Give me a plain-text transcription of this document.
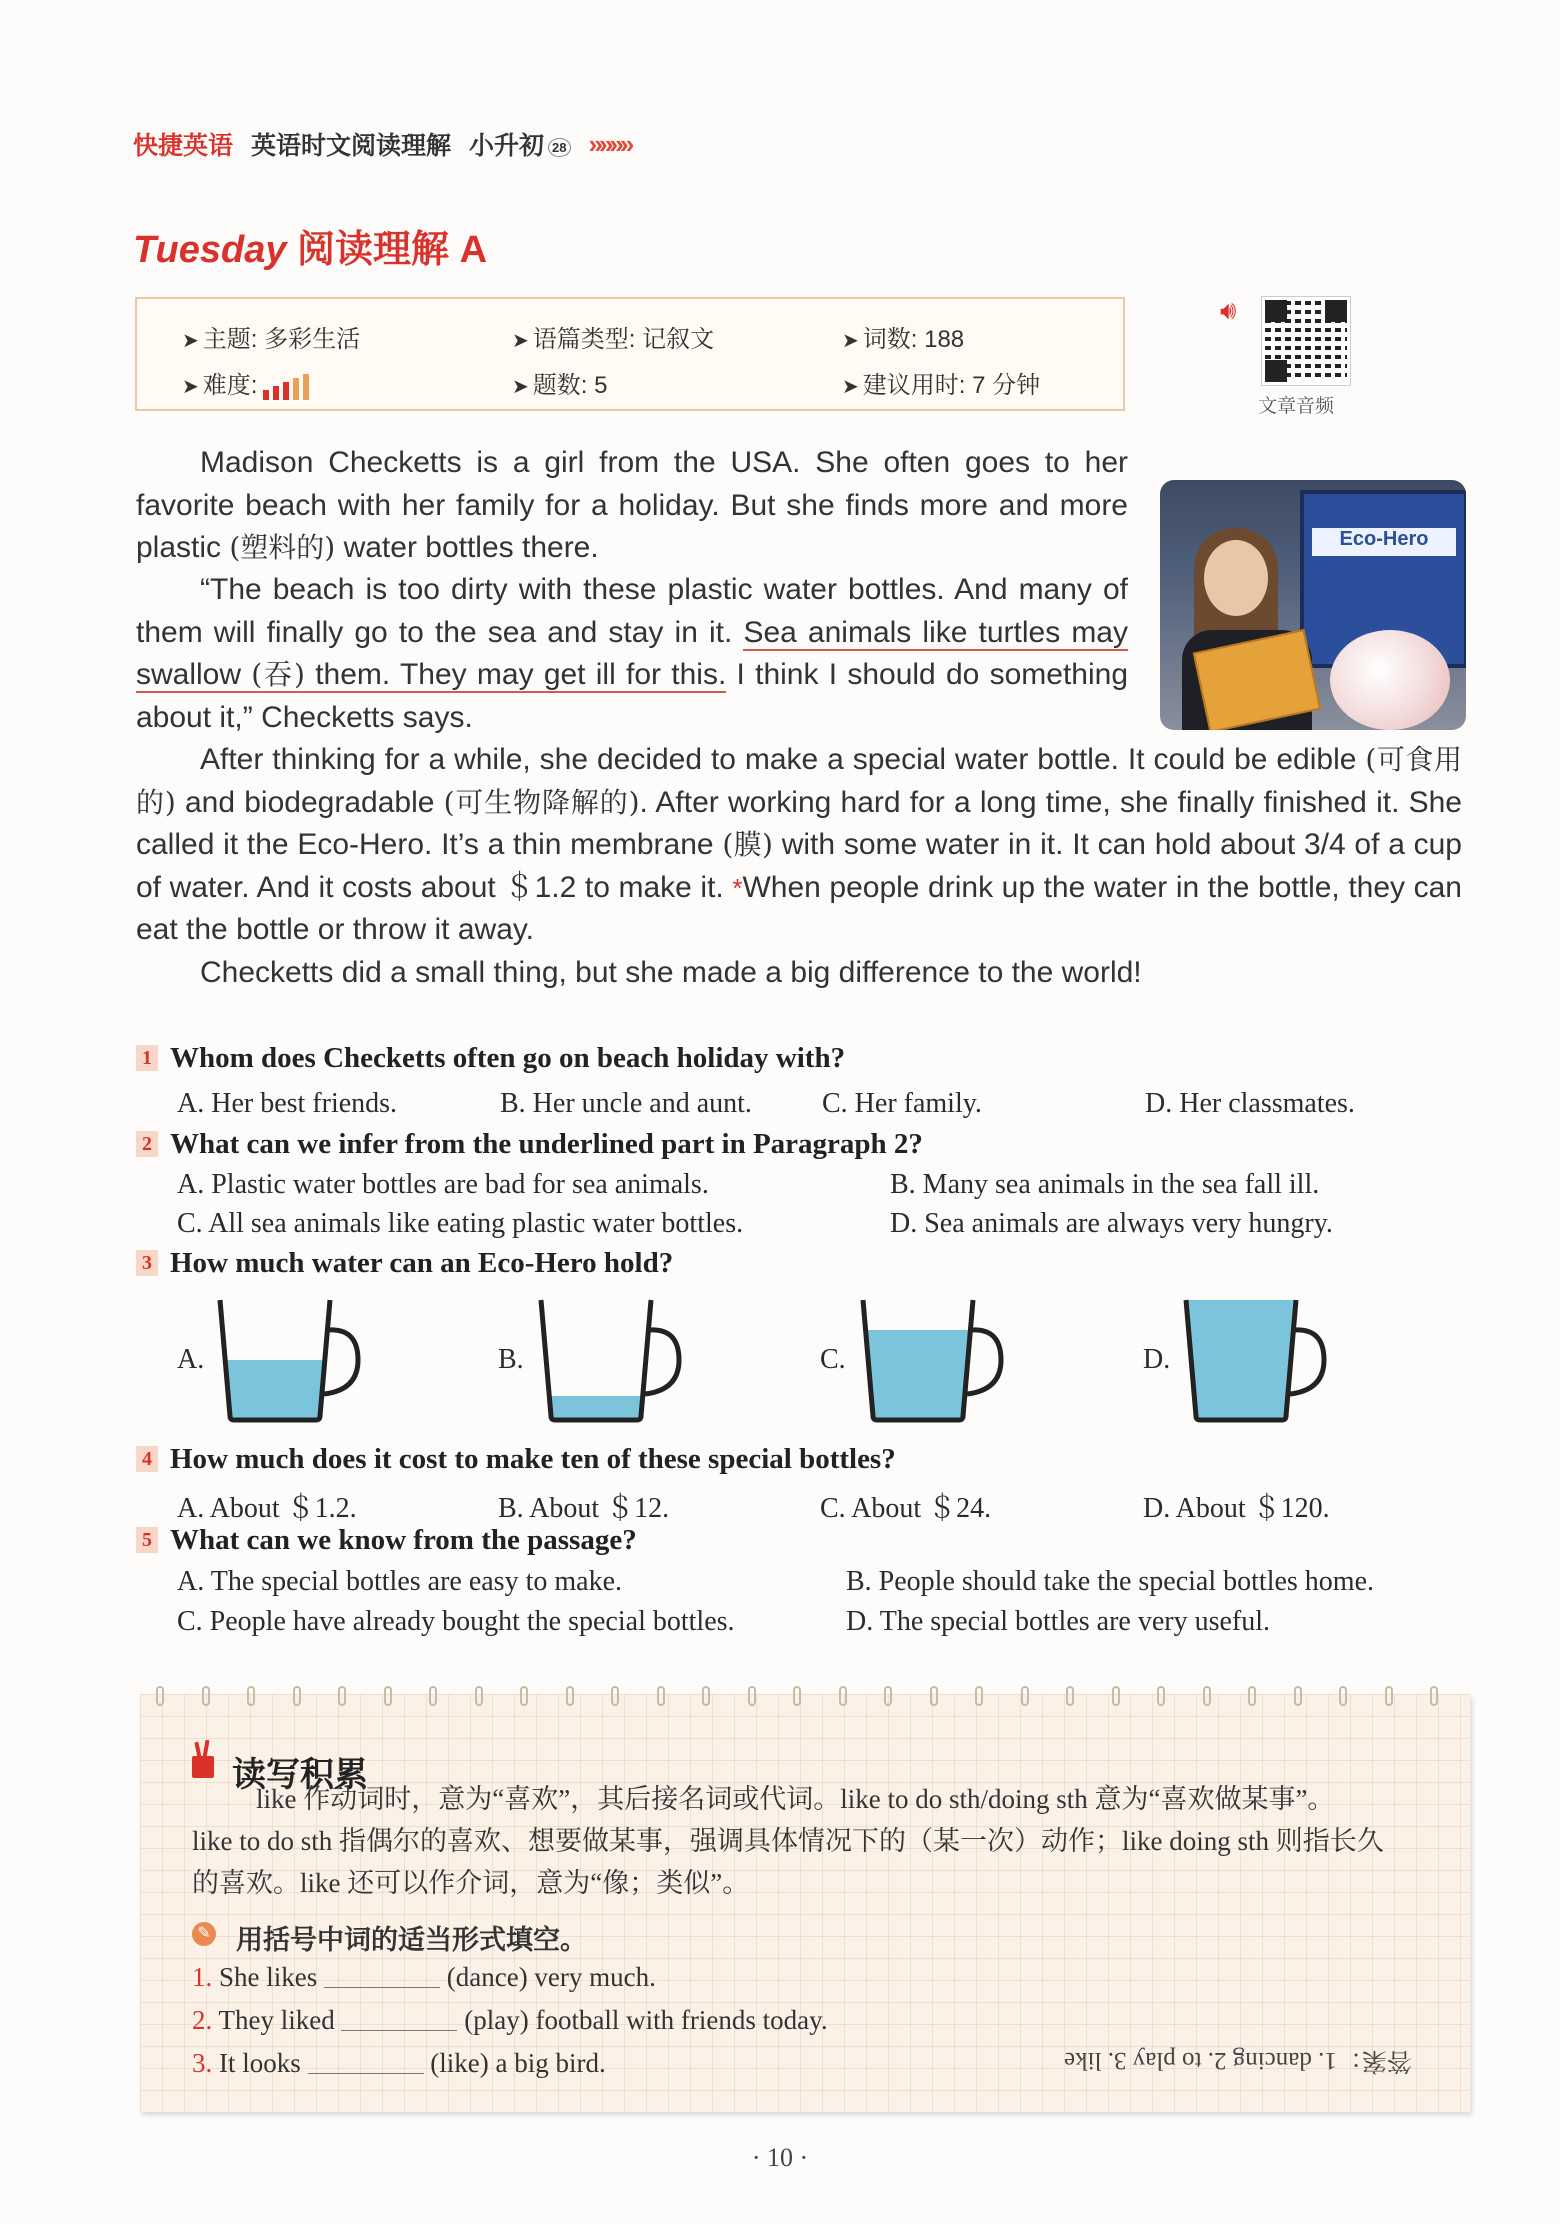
快捷英语 英语时文阅读理解 小升初 28 »»»»
Tuesday 阅读理解 A
➤ 主题: 多彩生活	➤ 语篇类型: 记叙文	➤ 词数: 188
➤ 难度:	➤ 题数: 5	➤ 建议用时: 7 分钟
🔊︎
文章音频

Madison Checketts is a girl from the USA. She often goes to her favorite beach with her family for a holiday. But she finds more and more plastic (塑料的) water bottles there.

“The beach is too dirty with these plastic water bottles. And many of them will finally go to the sea and stay in it. Sea animals like turtles may swallow (吞) them. They may get ill for this. I think I should do something about it,” Checketts says.

After thinking for a while, she decided to make a special water bottle. It could be edible (可食用的) and biodegradable (可生物降解的). After working hard for a long time, she finally finished it. She called it the Eco-Hero. It’s a thin membrane (膜) with some water in it. It can hold about 3/4 of a cup of water. And it costs about ＄1.2 to make it. *When people drink up the water in the bottle, they can eat the bottle or throw it away.

Checketts did a small thing, but she made a big difference to the world!

Eco-Hero
1 Whom does Checketts often go on beach holiday with?
A. Her best friends.	B. Her uncle and aunt.	C. Her family.	D. Her classmates.
2 What can we infer from the underlined part in Paragraph 2?
A. Plastic water bottles are bad for sea animals.	B. Many sea animals in the sea fall ill.
C. All sea animals like eating plastic water bottles.	D. Sea animals are always very hungry.
3 How much water can an Eco-Hero hold?
A.	B.	C.	D.
4 How much does it cost to make ten of these special bottles?
A. About ＄1.2.	B. About ＄12.	C. About ＄24.	D. About ＄120.
5 What can we know from the passage?
A. The special bottles are easy to make.	B. People should take the special bottles home.
C. People have already bought the special bottles.	D. The special bottles are very useful.
读写积累
like 作动词时，意为“喜欢”，其后接名词或代词。like to do sth/doing sth 意为“喜欢做某事”。
like to do sth 指偶尔的喜欢、想要做某事，强调具体情况下的（某一次）动作；like doing sth 则指长久
的喜欢。like 还可以作介词，意为“像；类似”。
✎ 用括号中词的适当形式填空。
1. She likes	(dance) very much.
2. They liked	(play) football with friends today.
3. It looks	(like) a big bird.	答案：1. dancing 2. to play 3. like
· 10 ·
